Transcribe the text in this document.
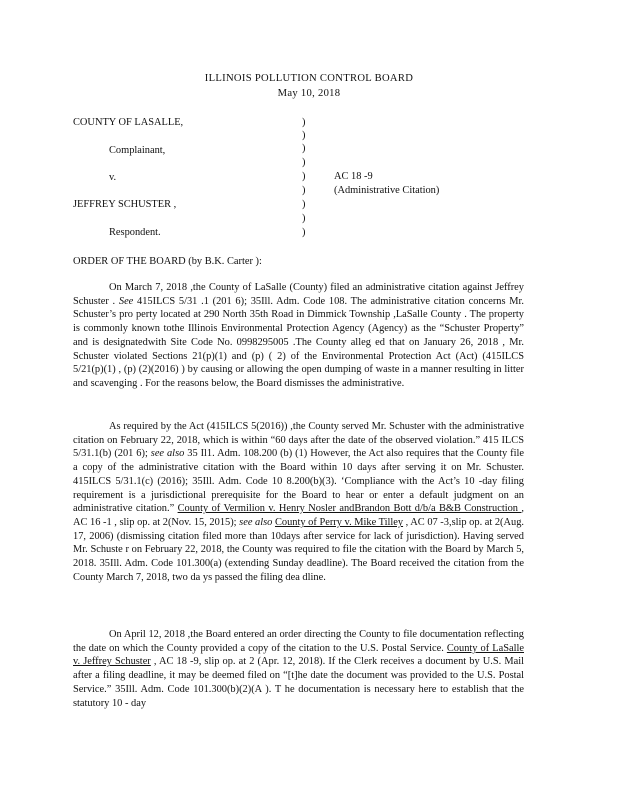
ILLINOIS POLLUTION CONTROL BOARD
May 10, 2018
COUNTY OF LASALLE,
Complainant,
v.
JEFFREY SCHUSTER ,
Respondent.
AC 18 -9
(Administrative Citation)
)
)
)
)
)
)
)
)
)
ORDER OF THE BOARD (by B.K. Carter ):

On March 7, 2018 ,the County of LaSalle (County) filed an administrative citation against Jeffrey Schuster . See 415ILCS 5/31 .1 (201 6); 35Ill. Adm. Code 108. The administrative citation concerns Mr. Schuster’s pro perty located at 290 North 35th Road in Dimmick Township ,LaSalle County . The property is commonly known tothe Illinois Environmental Protection Agency (Agency) as the “Schuster Property” and is designatedwith Site Code No. 0998295005 .The County alleg ed that on January 26, 2018 , Mr. Schuster violated Sections 21(p)(1) and (p) ( 2) of the Environmental Protection Act (Act) (415ILCS 5/21(p)(1) , (p) (2)(2016) ) by causing or allowing the open dumping of waste in a manner resulting in litter and scavenging . For the reasons below, the Board dismisses the administrative.

As required by the Act (415ILCS 5(2016)) ,the County served Mr. Schuster with the administrative citation on February 22, 2018, which is within “60 days after the date of the observed violation.” 415 ILCS 5/31.1(b) (201 6); see also 35 Il1. Adm. 108.200 (b) (1) However, the Act also requires that the County file a copy of the administrative citation with the Board within 10 days after serving it on Mr. Schuster. 415ILCS 5/31.1(c) (2016); 35Ill. Adm. Code 10 8.200(b)(3). ‘Compliance with the Act’s 10 -day filing requirement is a jurisdictional prerequisite for the Board to hear or enter a default judgment on an administrative citation.” County of Vermilion v. Henry Nosler andBrandon Bott d/b/a B&B Construction , AC 16 -1 , slip op. at 2(Nov. 15, 2015); see also County of Perry v. Mike Tilley , AC 07 -3,slip op. at 2(Aug. 17, 2006) (dismissing citation filed more than 10days after service for lack of jurisdiction). Having served Mr. Schuste r on February 22, 2018, the County was required to file the citation with the Board by March 5, 2018. 35Ill. Adm. Code 101.300(a) (extending Sunday deadline). The Board received the citation from the County March 7, 2018, two da ys passed the filing dea dline.

On April 12, 2018 ,the Board entered an order directing the County to file documentation reflecting the date on which the County provided a copy of the citation to the U.S. Postal Service. County of LaSalle v. Jeffrey Schuster , AC 18 -9, slip op. at 2 (Apr. 12, 2018). If the Clerk receives a document by U.S. Mail after a filing deadline, it may be deemed filed on “[t]he date the document was provided to the U.S. Postal Service.” 35Ill. Adm. Code 101.300(b)(2)(A ). T he documentation is necessary here to establish that the statutory 10 - day
